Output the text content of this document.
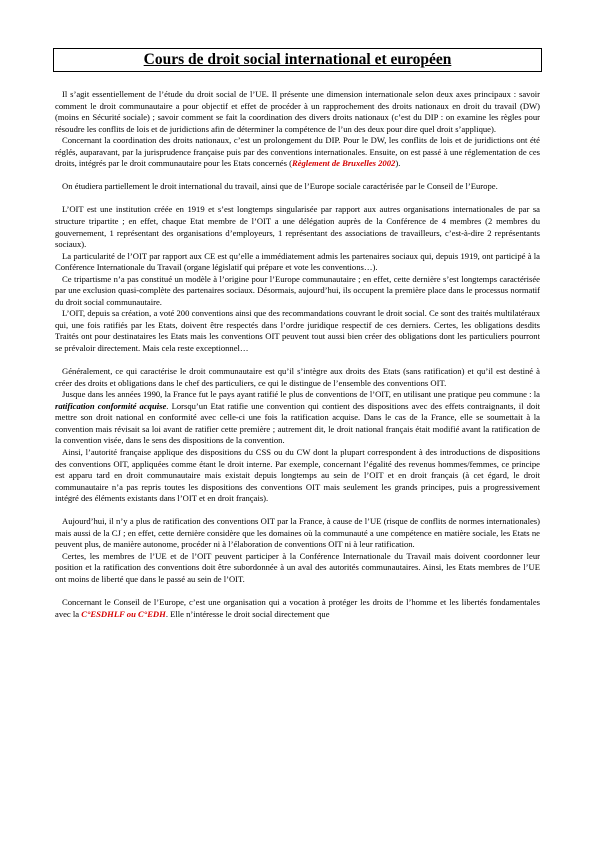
Cours de droit social international et européen

Il s’agit essentiellement de l’étude du droit social de l’UE. Il présente une dimension internationale selon deux axes principaux : savoir comment le droit communautaire a pour objectif et effet de procéder à un rapprochement des droits nationaux en droit du travail (DW) (moins en Sécurité sociale) ; savoir comment se fait la coordination des divers droits nationaux (c’est du DIP : on examine les règles pour résoudre les conflits de lois et de juridictions afin de déterminer la compétence de l’un des deux pour dire quel droit s’applique).

Concernant la coordination des droits nationaux, c’est un prolongement du DIP. Pour le DW, les conflits de lois et de juridictions ont été réglés, auparavant, par la jurisprudence française puis par des conventions internationales. Ensuite, on est passé à une réglementation de ces droits, intégrés par le droit communautaire pour les Etats concernés (Règlement de Bruxelles 2002).

On étudiera partiellement le droit international du travail, ainsi que de l’Europe sociale caractérisée par le Conseil de l’Europe.

L’OIT est une institution créée en 1919 et s’est longtemps singularisée par rapport aux autres organisations internationales de par sa structure tripartite ; en effet, chaque Etat membre de l’OIT a une délégation auprès de la Conférence de 4 membres (2 membres du gouvernement, 1 représentant des organisations d’employeurs, 1 représentant des associations de travailleurs, c’est-à-dire 2 représentants sociaux).

La particularité de l’OIT par rapport aux CE est qu’elle a immédiatement admis les partenaires sociaux qui, depuis 1919, ont participé à la Conférence Internationale du Travail (organe législatif qui prépare et vote les conventions…).

Ce tripartisme n’a pas constitué un modèle à l’origine pour l’Europe communautaire ; en effet, cette dernière s’est longtemps caractérisée par une exclusion quasi-complète des partenaires sociaux. Désormais, aujourd’hui, ils occupent la première place dans le processus normatif du droit social communautaire.

L’OIT, depuis sa création, a voté 200 conventions ainsi que des recommandations couvrant le droit social. Ce sont des traités multilatéraux qui, une fois ratifiés par les Etats, doivent être respectés dans l’ordre juridique respectif de ces derniers. Certes, les obligations desdits Traités ont pour destinataires les Etats mais les conventions OIT peuvent tout aussi bien créer des obligations dont les particuliers pourront se prévaloir directement. Mais cela reste exceptionnel…

Généralement, ce qui caractérise le droit communautaire est qu’il s’intègre aux droits des Etats (sans ratification) et qu’il est destiné à créer des droits et obligations dans le chef des particuliers, ce qui le distingue de l’ensemble des conventions OIT.

Jusque dans les années 1990, la France fut le pays ayant ratifié le plus de conventions de l’OIT, en utilisant une pratique peu commune : la ratification conformité acquise. Lorsqu’un Etat ratifie une convention qui contient des dispositions avec des effets contraignants, il doit mettre son droit national en conformité avec celle-ci une fois la ratification acquise. Dans le cas de la France, elle se soumettait à la convention mais révisait sa loi avant de ratifier cette première ; autrement dit, le droit national français était modifié avant la ratification de la convention visée, dans le sens des dispositions de la convention.

Ainsi, l’autorité française applique des dispositions du CSS ou du CW dont la plupart correspondent à des introductions de dispositions des conventions OIT, appliquées comme étant le droit interne. Par exemple, concernant l’égalité des revenus hommes/femmes, ce principe est apparu tard en droit communautaire mais existait depuis longtemps au sein de l’OIT et en droit français (à cet égard, le droit communautaire n’a pas repris toutes les dispositions des conventions OIT mais seulement les grands principes, puis a progressivement intégré des éléments existants dans l’OIT et en droit français).

Aujourd’hui, il n’y a plus de ratification des conventions OIT par la France, à cause de l’UE (risque de conflits de normes internationales) mais aussi de la CJ ; en effet, cette dernière considère que les domaines où la communauté a une compétence en matière sociale, les Etats ne peuvent plus, de manière autonome, procéder ni à l’élaboration de conventions OIT ni à leur ratification.

Certes, les membres de l’UE et de l’OIT peuvent participer à la Conférence Internationale du Travail mais doivent coordonner leur position et la ratification des conventions doit être subordonnée à un aval des autorités communautaires. Ainsi, les Etats membres de l’UE ont moins de liberté que dans le passé au sein de l’OIT.

Concernant le Conseil de l’Europe, c’est une organisation qui a vocation à protéger les droits de l’homme et les libertés fondamentales avec la C°ESDHLF ou C°EDH. Elle n’intéresse le droit social directement que
